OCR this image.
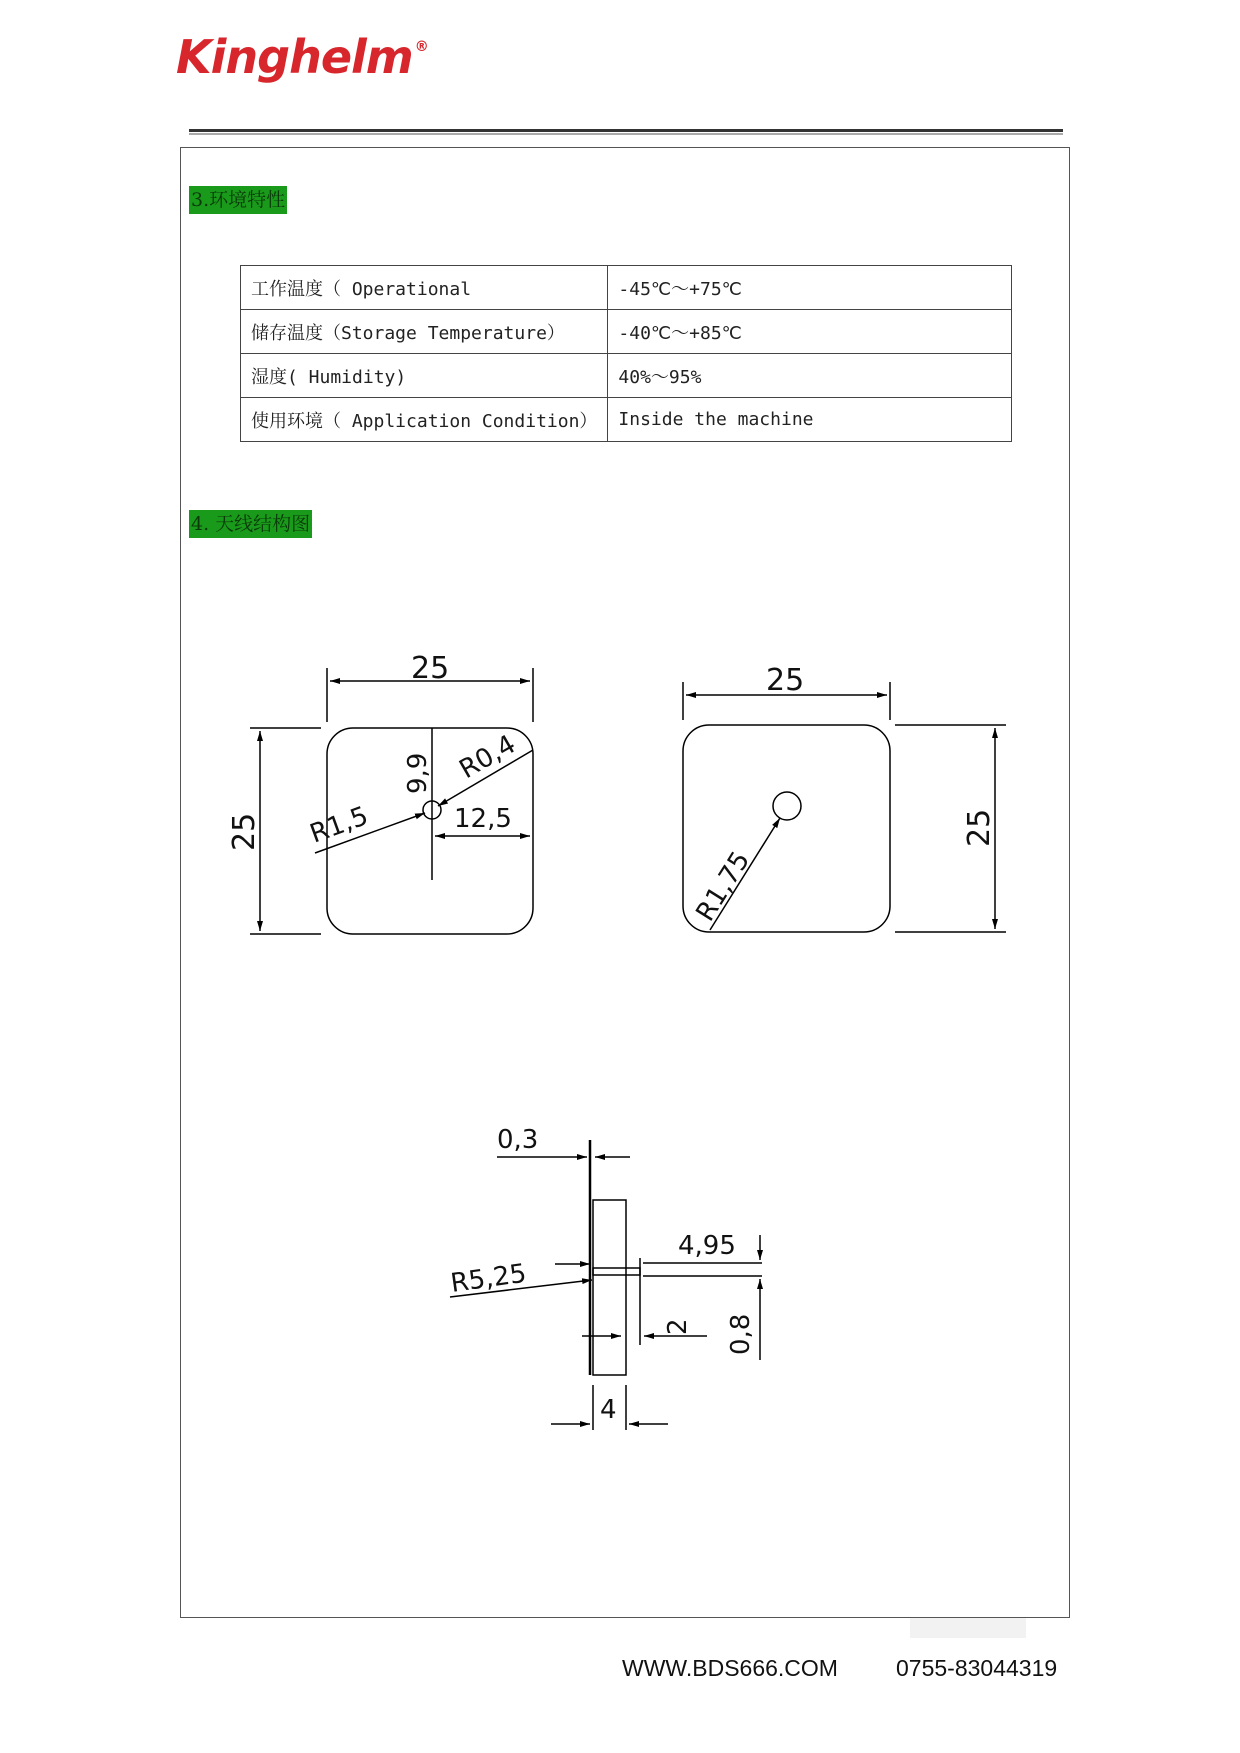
Kinghelm ®
3.环境特性
工作温度（ Operational	-45℃～+75℃
储存温度（Storage Temperature）	-40℃～+85℃
湿度( Humidity)	40%～95%
使用环境（ Application Condition）	Inside the machine
4. 天线结构图
25
25
9,9
12,5
R1,5
R0,4
25
25
R1,75
0,3
4,95
R5,25
2 0,8
4
WWW.BDS666.COM	0755-83044319
